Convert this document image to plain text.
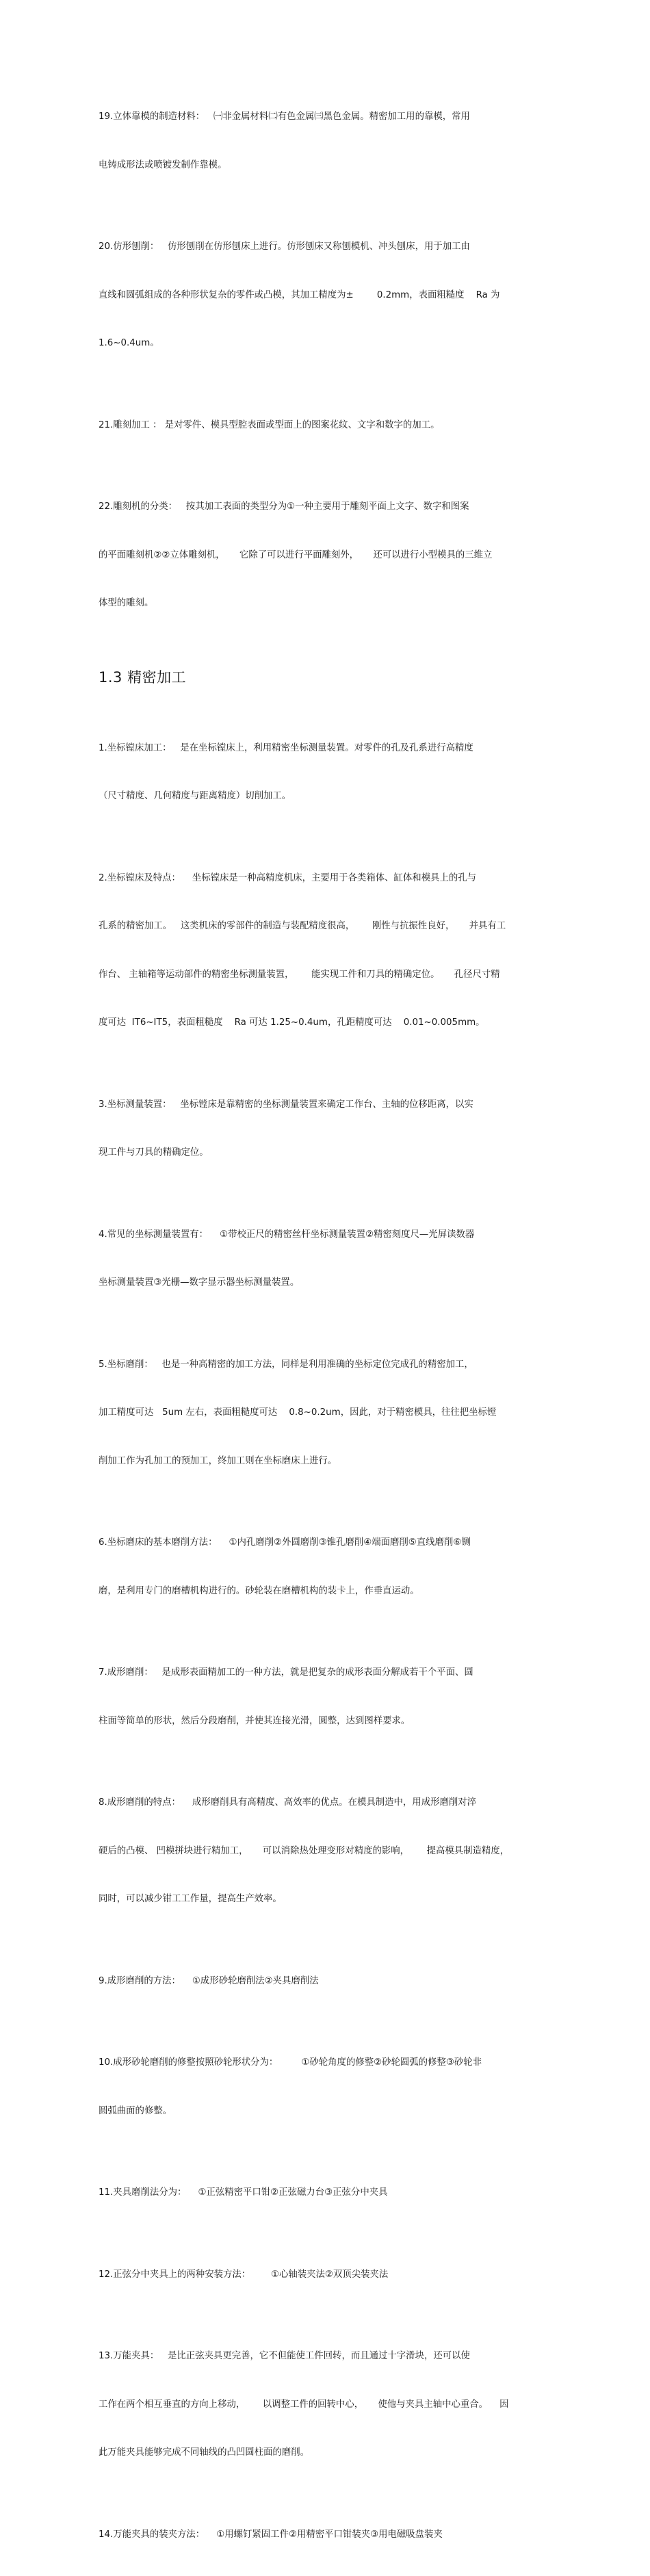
19.立体靠模的制造材料：   ㈠非金属材料㈡有色金属㈢黑色金属。精密加工用的靠模，常用

电铸成形法或喷镀发制作靠模。

20.仿形刨削：   仿形刨削在仿形刨床上进行。仿形刨床又称刨模机、冲头刨床，用于加工由

直线和圆弧组成的各种形状复杂的零件或凸模，其加工精度为±        0.2mm，表面粗糙度    Ra 为

1.6~0.4um。

21.雕刻加工 ： 是对零件、模具型腔表面或型面上的图案花纹、文字和数字的加工。

22.雕刻机的分类：   按其加工表面的类型分为①一种主要用于雕刻平面上文字、数字和图案

的平面雕刻机②②立体雕刻机，     它除了可以进行平面雕刻外，     还可以进行小型模具的三维立

体型的雕刻。

1.3 精密加工

1.坐标镗床加工：   是在坐标镗床上，利用精密坐标测量装置。对零件的孔及孔系进行高精度

（尺寸精度、几何精度与距离精度）切削加工。

2.坐标镗床及特点：    坐标镗床是一种高精度机床，主要用于各类箱体、缸体和模具上的孔与

孔系的精密加工。   这类机床的零部件的制造与装配精度很高，      刚性与抗振性良好，     并具有工

作台、 主轴箱等运动部件的精密坐标测量装置，      能实现工件和刀具的精确定位。     孔径尺寸精

度可达  IT6~IT5，表面粗糙度    Ra 可达 1.25~0.4um，孔距精度可达    0.01~0.005mm。

3.坐标测量装置：   坐标镗床是靠精密的坐标测量装置来确定工作台、主轴的位移距离，以实

现工件与刀具的精确定位。

4.常见的坐标测量装置有：    ①带校正尺的精密丝杆坐标测量装置②精密刻度尺—光屏读数器

坐标测量装置③光栅—数字显示器坐标测量装置。

5.坐标磨削：   也是一种高精密的加工方法，同样是利用准确的坐标定位完成孔的精密加工，

加工精度可达   5um 左右，表面粗糙度可达    0.8~0.2um，因此，对于精密模具，往往把坐标镗

削加工作为孔加工的预加工，终加工则在坐标磨床上进行。

6.坐标磨床的基本磨削方法：    ①内孔磨削②外圆磨削③锥孔磨削④端面磨削⑤直线磨削⑥铡

磨，是利用专门的磨槽机构进行的。砂轮装在磨槽机构的装卡上，作垂直运动。

7.成形磨削：   是成形表面精加工的一种方法，就是把复杂的成形表面分解成若干个平面、圆

柱面等简单的形状，然后分段磨削，并使其连接光滑，圆整，达到图样要求。

8.成形磨削的特点：    成形磨削具有高精度、高效率的优点。在模具制造中，用成形磨削对淬

硬后的凸模、 凹模拼块进行精加工，     可以消除热处理变形对精度的影响，      提高模具制造精度，

同时，可以减少钳工工作量，提高生产效率。

9.成形磨削的方法：    ①成形砂轮磨削法②夹具磨削法

10.成形砂轮磨削的修整按照砂轮形状分为：        ①砂轮角度的修整②砂轮圆弧的修整③砂轮非

圆弧曲面的修整。

11.夹具磨削法分为：    ①正弦精密平口钳②正弦磁力台③正弦分中夹具

12.正弦分中夹具上的两种安装方法：       ①心轴装夹法②双顶尖装夹法

13.万能夹具：   是比正弦夹具更完善，它不但能使工件回转，而且通过十字滑块，还可以使

工作在两个相互垂直的方向上移动，      以调整工件的回转中心，     使他与夹具主轴中心重合。    因

此万能夹具能够完成不同轴线的凸凹圆柱面的磨削。

14.万能夹具的装夹方法：    ①用螺钉紧固工件②用精密平口钳装夹③用电磁吸盘装夹
